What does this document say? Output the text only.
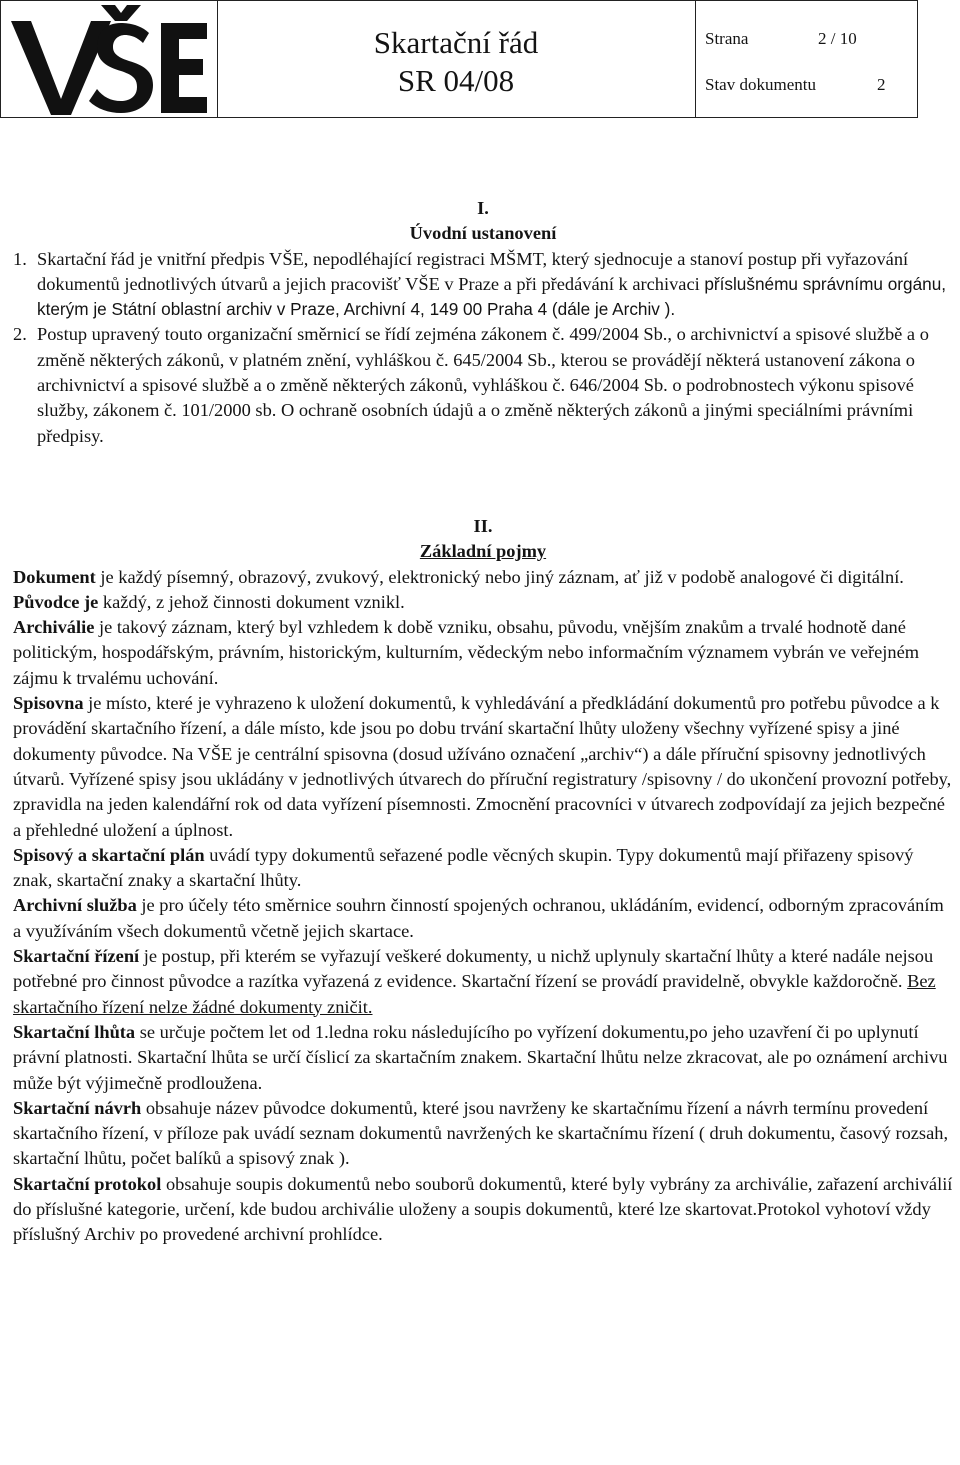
Skartační řád
SR 04/08
Strana	2 / 10
Stav dokumentu	2

I.

Úvodní ustanovení

1. Skartační řád je vnitřní předpis VŠE, nepodléhající registraci MŠMT, který sjednocuje a stanoví postup při vyřazování dokumentů jednotlivých útvarů a jejich pracovišť VŠE v Praze a při předávání k archivaci příslušnému správnímu orgánu, kterým je Státní oblastní archiv v Praze, Archivní 4, 149 00 Praha 4 (dále je Archiv ).
2. Postup upravený touto organizační směrnicí se řídí zejména zákonem č. 499/2004 Sb., o archivnictví a spisové službě a o změně některých zákonů, v platném znění, vyhláškou č. 645/2004 Sb., kterou se provádějí některá ustanovení zákona o archivnictví a spisové službě a o změně některých zákonů, vyhláškou č. 646/2004 Sb. o podrobnostech výkonu spisové služby, zákonem č. 101/2000 sb. O ochraně osobních údajů a o změně některých zákonů a jinými speciálními právními předpisy.

II.

Základní pojmy

Dokument je každý písemný, obrazový, zvukový, elektronický nebo jiný záznam, ať již v podobě analogové či digitální.

Původce je každý, z jehož činnosti dokument vznikl.

Archiválie je takový záznam, který byl vzhledem k době vzniku, obsahu, původu, vnějším znakům a trvalé hodnotě dané politickým, hospodářským, právním, historickým, kulturním, vědeckým nebo informačním významem vybrán ve veřejném zájmu k trvalému uchování.

Spisovna je místo, které je vyhrazeno k uložení dokumentů, k vyhledávání a předkládání dokumentů pro potřebu původce a k provádění skartačního řízení, a dále místo, kde jsou po dobu trvání skartační lhůty uloženy všechny vyřízené spisy a jiné dokumenty původce. Na VŠE je centrální spisovna (dosud užíváno označení „archiv“) a dále příruční spisovny jednotlivých útvarů. Vyřízené spisy jsou ukládány v jednotlivých útvarech do příruční registratury /spisovny / do ukončení provozní potřeby, zpravidla na jeden kalendářní rok od data vyřízení písemnosti. Zmocnění pracovníci v útvarech zodpovídají za jejich bezpečné a přehledné uložení a úplnost.

Spisový a skartační plán uvádí typy dokumentů seřazené podle věcných skupin. Typy dokumentů mají přiřazeny spisový znak, skartační znaky a skartační lhůty.

Archivní služba je pro účely této směrnice souhrn činností spojených ochranou, ukládáním, evidencí, odborným zpracováním a využíváním všech dokumentů včetně jejich skartace.

Skartační řízení je postup, při kterém se vyřazují veškeré dokumenty, u nichž uplynuly skartační lhůty a které nadále nejsou potřebné pro činnost původce a razítka vyřazená z evidence. Skartační řízení se provádí pravidelně, obvykle každoročně. Bez skartačního řízení nelze žádné dokumenty zničit.

Skartační lhůta se určuje počtem let od 1.ledna roku následujícího po vyřízení dokumentu,po jeho uzavření či po uplynutí právní platnosti. Skartační lhůta se určí číslicí za skartačním znakem. Skartační lhůtu nelze zkracovat, ale po oznámení archivu může být výjimečně prodloužena.

Skartační návrh obsahuje název původce dokumentů, které jsou navrženy ke skartačnímu řízení a návrh termínu provedení skartačního řízení, v příloze pak uvádí seznam dokumentů navržených ke skartačnímu řízení ( druh dokumentu, časový rozsah, skartační lhůtu, počet balíků a spisový znak ).

Skartační protokol obsahuje soupis dokumentů nebo souborů dokumentů, které byly vybrány za archiválie, zařazení archiválií do příslušné kategorie, určení, kde budou archiválie uloženy a soupis dokumentů, které lze skartovat.Protokol vyhotoví vždy příslušný Archiv po provedené archivní prohlídce.
